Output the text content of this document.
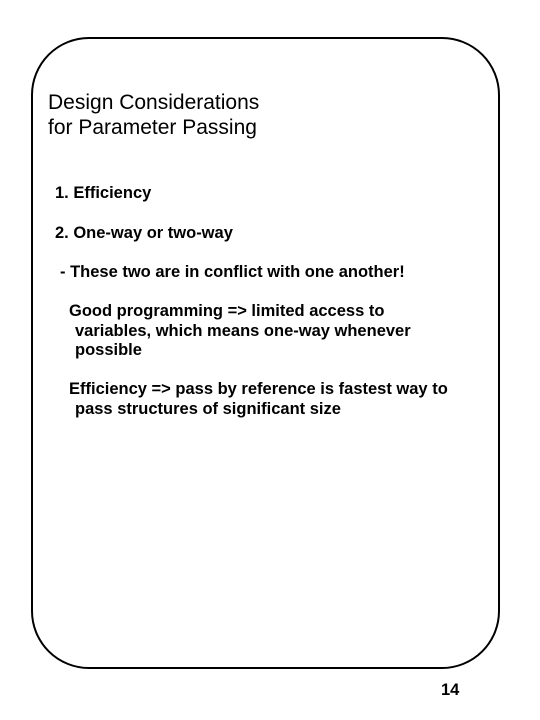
Design Considerations
for Parameter Passing

1. Efficiency

2. One-way or two-way

- These two are in conflict with one another!

Good programming => limited access to
variables, which means one-way whenever
possible

Efficiency => pass by reference is fastest way to
pass structures of significant size

14
